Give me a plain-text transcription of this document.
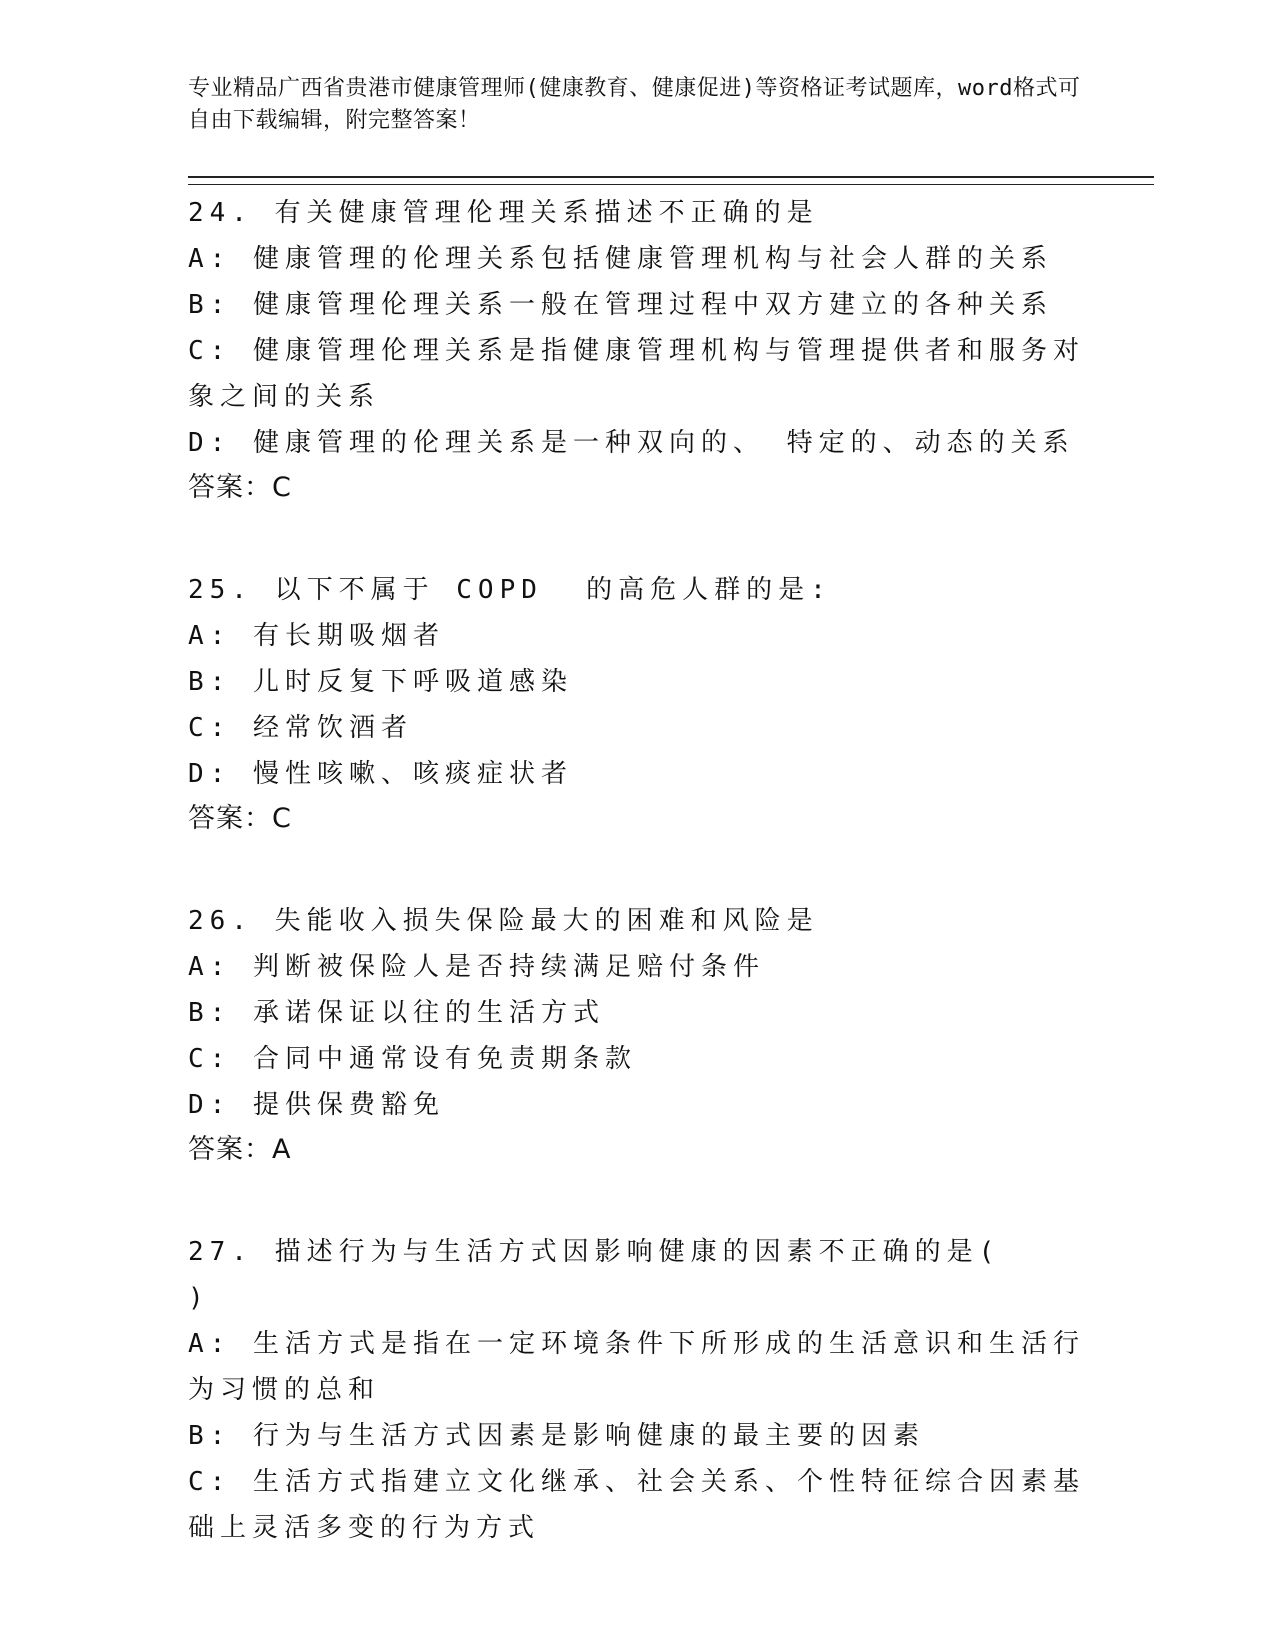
专业精品广西省贵港市健康管理师(健康教育、健康促进)等资格证考试题库，word格式可自由下载编辑，附完整答案！
24. 有关健康管理伦理关系描述不正确的是
A: 健康管理的伦理关系包括健康管理机构与社会人群的关系
B: 健康管理伦理关系一般在管理过程中双方建立的各种关系
C: 健康管理伦理关系是指健康管理机构与管理提供者和服务对象之间的关系
D: 健康管理的伦理关系是一种双向的、 特定的、动态的关系
答案：C
25. 以下不属于 COPD  的高危人群的是:
A: 有长期吸烟者
B: 儿时反复下呼吸道感染
C: 经常饮酒者
D: 慢性咳嗽、咳痰症状者
答案：C
26. 失能收入损失保险最大的困难和风险是
A: 判断被保险人是否持续满足赔付条件
B: 承诺保证以往的生活方式
C: 合同中通常设有免责期条款
D: 提供保费豁免
答案：A
27. 描述行为与生活方式因影响健康的因素不正确的是(    )
A: 生活方式是指在一定环境条件下所形成的生活意识和生活行为习惯的总和
B: 行为与生活方式因素是影响健康的最主要的因素
C: 生活方式指建立文化继承、社会关系、个性特征综合因素基础上灵活多变的行为方式
